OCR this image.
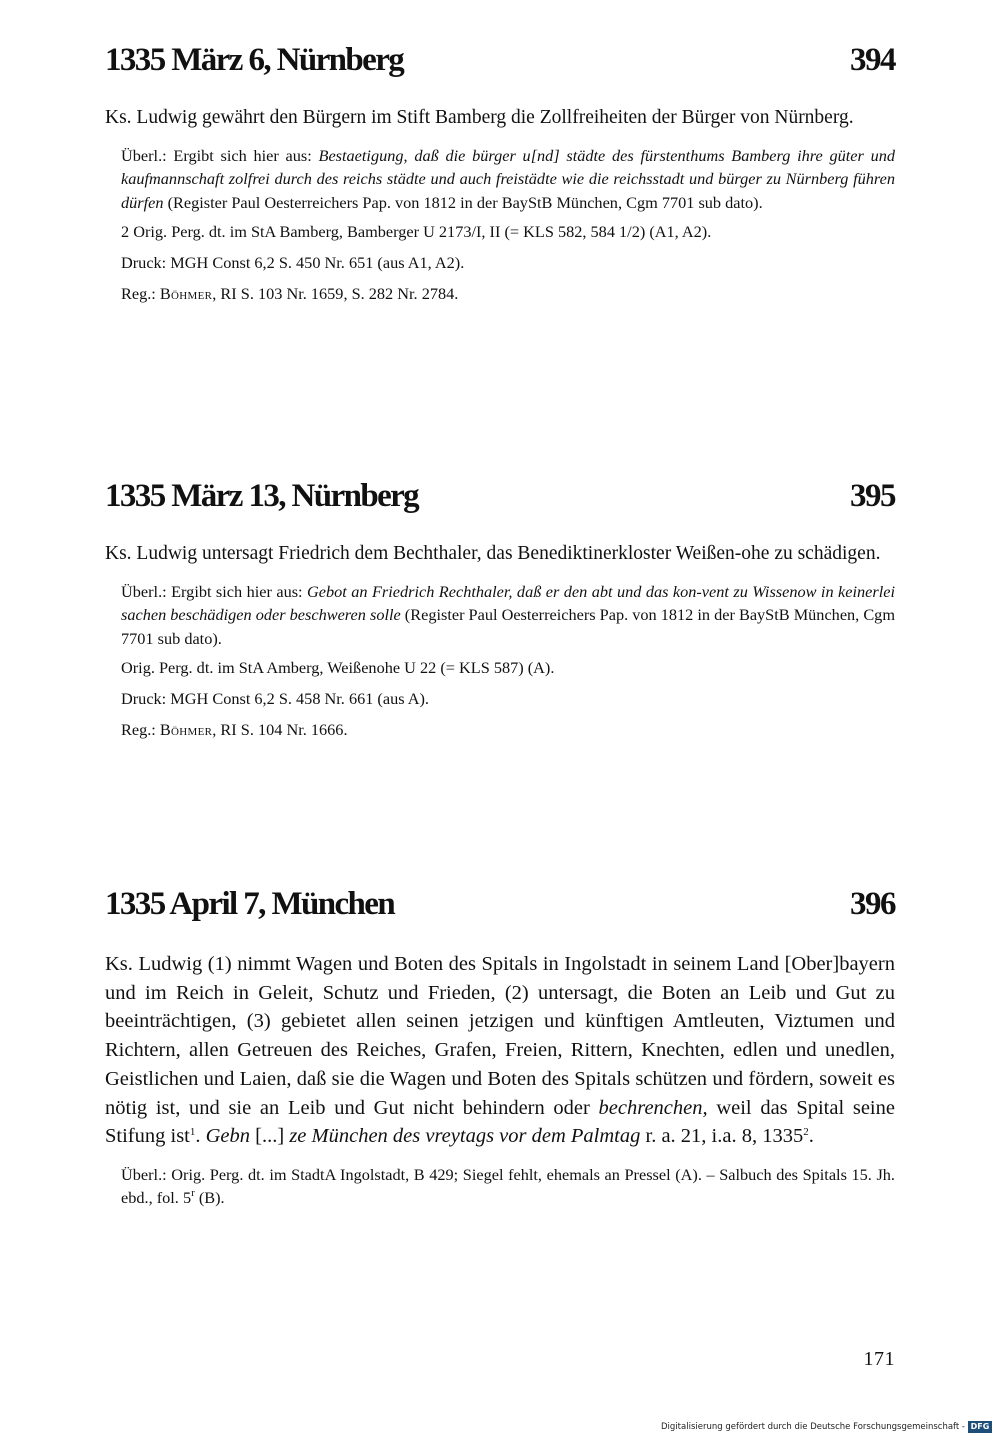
1335 März 6, Nürnberg	394

Ks. Ludwig gewährt den Bürgern im Stift Bamberg die Zollfreiheiten der Bürger von Nürnberg.

Überl.: Ergibt sich hier aus: Bestaetigung, daß die bürger u[nd] städte des fürstenthums Bamberg ihre güter und kaufmannschaft zolfrei durch des reichs städte und auch freistädte wie die reichsstadt und bürger zu Nürnberg führen dürfen (Register Paul Oesterreichers Pap. von 1812 in der BayStB München, Cgm 7701 sub dato).

2 Orig. Perg. dt. im StA Bamberg, Bamberger U 2173/I, II (= KLS 582, 584 1/2) (A1, A2).
Druck: MGH Const 6,2 S. 450 Nr. 651 (aus A1, A2).
Reg.: Böhmer, RI S. 103 Nr. 1659, S. 282 Nr. 2784.
1335 März 13, Nürnberg	395

Ks. Ludwig untersagt Friedrich dem Bechthaler, das Benediktinerkloster Weißen-ohe zu schädigen.

Überl.: Ergibt sich hier aus: Gebot an Friedrich Rechthaler, daß er den abt und das kon-vent zu Wissenow in keinerlei sachen beschädigen oder beschweren solle (Register Paul Oesterreichers Pap. von 1812 in der BayStB München, Cgm 7701 sub dato).

Orig. Perg. dt. im StA Amberg, Weißenohe U 22 (= KLS 587) (A).
Druck: MGH Const 6,2 S. 458 Nr. 661 (aus A).
Reg.: Böhmer, RI S. 104 Nr. 1666.
1335 April 7, München	396

Ks. Ludwig (1) nimmt Wagen und Boten des Spitals in Ingolstadt in seinem Land [Ober]bayern und im Reich in Geleit, Schutz und Frieden, (2) untersagt, die Boten an Leib und Gut zu beeinträchtigen, (3) gebietet allen seinen jetzigen und künftigen Amtleuten, Viztumen und Richtern, allen Getreuen des Reiches, Grafen, Freien, Rittern, Knechten, edlen und unedlen, Geistlichen und Laien, daß sie die Wagen und Boten des Spitals schützen und fördern, soweit es nötig ist, und sie an Leib und Gut nicht behindern oder bechrenchen, weil das Spital seine Stifung ist$^1$. Gebn [...] ze München des vreytags vor dem Palmtag r. a. 21, i.a. 8, 1335$^2$.

Überl.: Orig. Perg. dt. im StadtA Ingolstadt, B 429; Siegel fehlt, ehemals an Pressel (A). – Salbuch des Spitals 15. Jh. ebd., fol. 5$^r$ (B).

171
Digitalisierung gefördert durch die Deutsche Forschungsgemeinschaft - DFG
